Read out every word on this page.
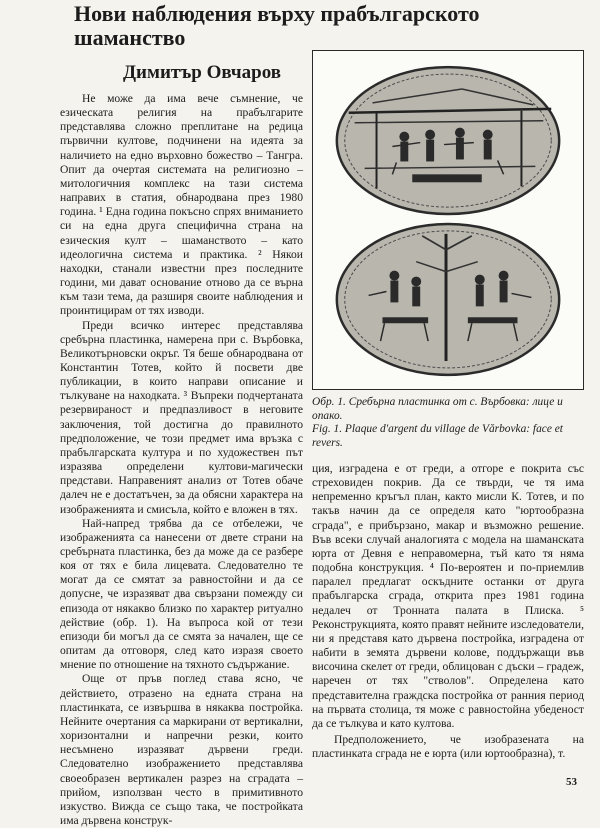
Нови наблюдения върху прабългарското шаманство
Димитър Овчаров

Не може да има вече съмнение, че езическата религия на прабългарите представлява сложно преплитане на редица първични култове, подчинени на идеята за наличието на едно върховно божество – Тангра. Опит да очертая системата на религиозно – митологичния комплекс на тази система направих в статия, обнародвана през 1980 година. ¹ Една година покъсно спрях вниманието си на една друга специфична страна на езическия култ – шаманството – като идеологична система и практика. ² Някои находки, станали известни през последните години, ми дават основание отново да се върна към тази тема, да разширя своите наблюдения и проинтицирам от тях изводи.

Преди всичко интерес представлява сребърна пластинка, намерена при с. Върбовка, Великотърновски окръг. Тя беше обнародвана от Константин Тотев, който й посвети две публикации, в които направи описание и тълкуване на находката. ³ Въпреки подчертаната резервираност и предпазливост в неговите заключения, той достигна до правилното предположение, че този предмет има връзка с прабългарската култура и по художествен път изразява определени култови-магически представи. Направеният анализ от Тотев обаче далеч не е достатъчен, за да обясни характера на изображенията и смисъла, който е вложен в тях.

Най-напред трябва да се отбележи, че изображенията са нанесени от двете страни на сребърната пластинка, без да може да се разбере коя от тях е била лицевата. Следователно те могат да се смятат за равностойни и да се допусне, че изразяват два свързани помежду си епизода от някакво близко по характер ритуално действие (обр. 1). На въпроса кой от тези епизоди би могъл да се смята за начален, ще се опитам да отговоря, след като изразя своето мнение по отношение на тяхното съдържание.

Още от пръв поглед става ясно, че действието, отразено на едната страна на пластинката, се извършва в някаква постройка. Нейните очертания са маркирани от вертикални, хоризонтални и напречни резки, които несъмнено изразяват дървени греди. Следователно изображението представлява своеобразен вертикален разрез на сградата – прийом, използван често в примитивното изкуство. Вижда се също така, че постройката има дървена конструк-

Обр. 1. Сребърна пластинка от с. Върбовка: лице и опако.
Fig. 1. Plaque d'argent du village de Vărbovka: face et revers.

ция, изградена е от греди, а отгоре е покрита със стреховиден покрив. Да се твърди, че тя има непременно кръгъл план, както мисли К. Тотев, и по такъв начин да се определя като "юртообразна сграда", е прибързано, макар и възможно решение. Във всеки случай аналогията с модела на шаманската юрта от Девня е неправомерна, тъй като тя няма подобна конструкция. ⁴ По-вероятен и по-приемлив паралел предлагат оскъдните останки от друга прабългарска сграда, открита през 1981 година недалеч от Тронната палата в Плиска. ⁵ Реконструкцията, която правят нейните изследователи, ни я представя като дървена постройка, изградена от набити в земята дървени колове, поддържащи във височина скелет от греди, облицован с дъски – градеж, наречен от тях "стволов". Определена като представителна граждска постройка от ранния период на първата столица, тя може с равностойна убеденост да се тълкува и като култова.

Предположението, че изобразената на пластинката сграда не е юрта (или юртообразна), т.

53
